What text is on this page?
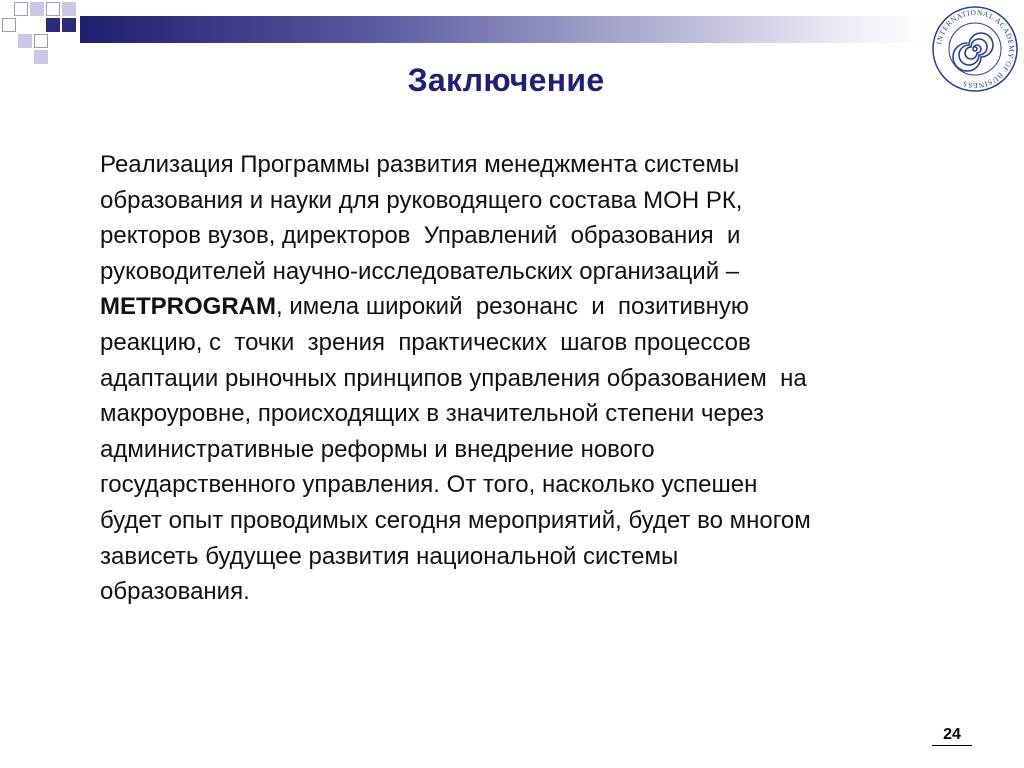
INTERNATIONAL ACADEMY OF BUSINESS
Заключение
Реализация Программы развития менеджмента системы
образования и науки для руководящего состава МОН РК,
ректоров вузов, директоров  Управлений  образования  и
руководителей научно-исследовательских организаций –
METPROGRAM, имела широкий  резонанс  и  позитивную
реакцию, с  точки  зрения  практических  шагов процессов
адаптации рыночных принципов управления образованием  на
макроуровне, происходящих в значительной степени через
административные реформы и внедрение нового
государственного управления. От того, насколько успешен
будет опыт проводимых сегодня мероприятий, будет во многом
зависеть будущее развития национальной системы
образования.
24
